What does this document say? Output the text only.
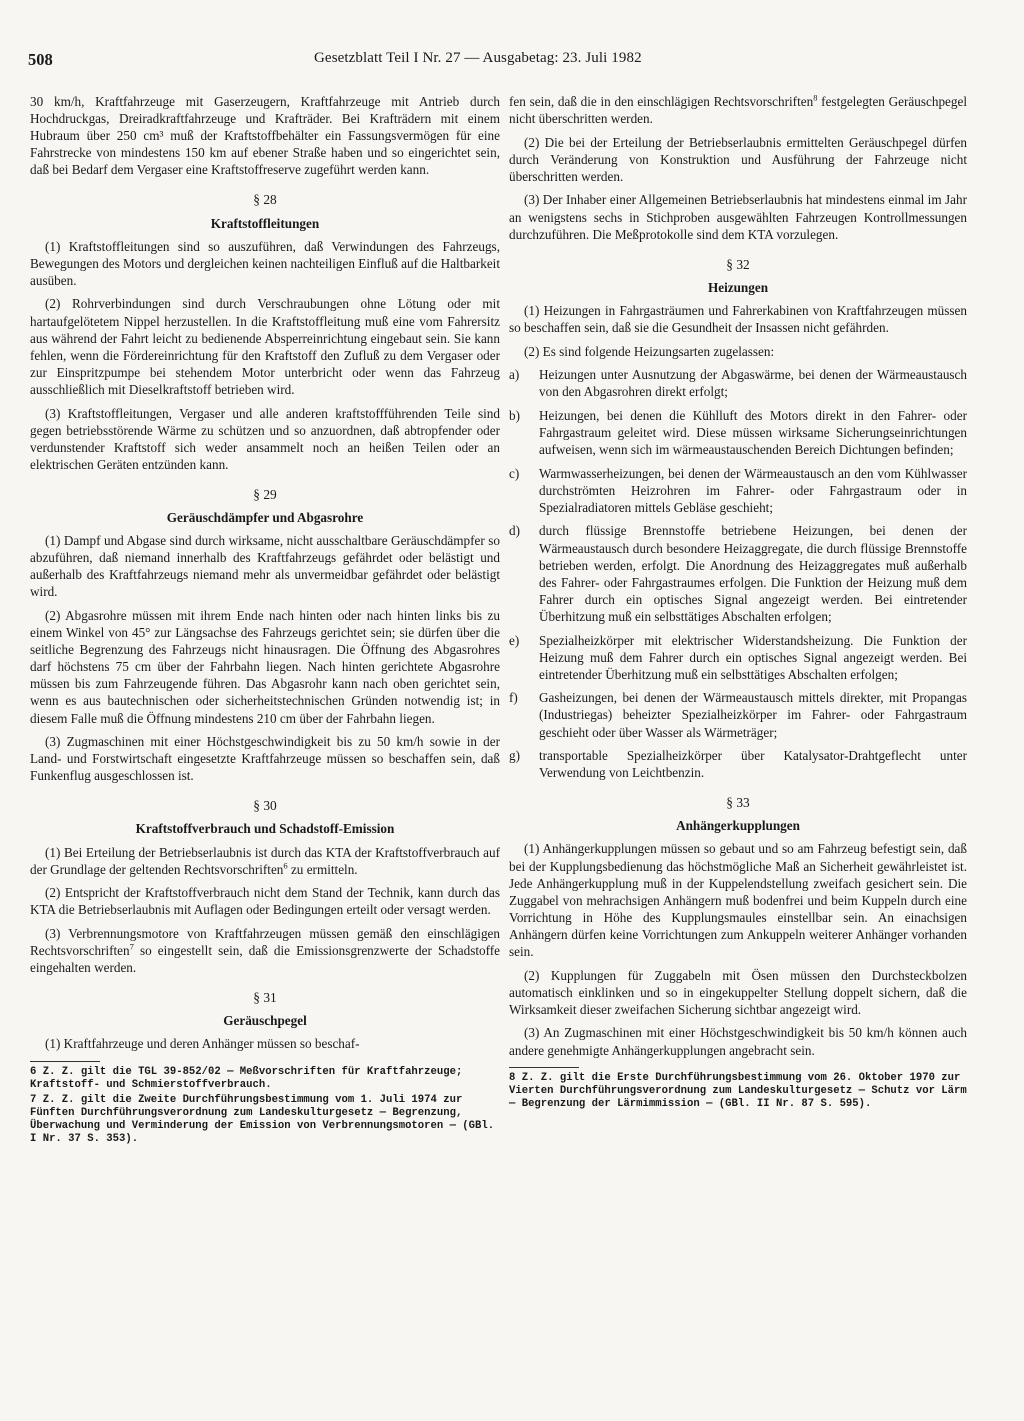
508	Gesetzblatt Teil I Nr. 27 — Ausgabetag: 23. Juli 1982

30 km/h, Kraftfahrzeuge mit Gaserzeugern, Kraftfahrzeuge mit Antrieb durch Hochdruckgas, Dreiradkraftfahrzeuge und Krafträder. Bei Krafträdern mit einem Hubraum über 250 cm³ muß der Kraftstoffbehälter ein Fassungsvermögen für eine Fahrstrecke von mindestens 150 km auf ebener Straße haben und so eingerichtet sein, daß bei Bedarf dem Vergaser eine Kraftstoffreserve zugeführt werden kann.

§ 28
Kraftstoffleitungen

(1) Kraftstoffleitungen sind so auszuführen, daß Verwindungen des Fahrzeugs, Bewegungen des Motors und dergleichen keinen nachteiligen Einfluß auf die Haltbarkeit ausüben.

(2) Rohrverbindungen sind durch Verschraubungen ohne Lötung oder mit hartaufgelötetem Nippel herzustellen. In die Kraftstoffleitung muß eine vom Fahrersitz aus während der Fahrt leicht zu bedienende Absperreinrichtung eingebaut sein. Sie kann fehlen, wenn die Fördereinrichtung für den Kraftstoff den Zufluß zu dem Vergaser oder zur Einspritzpumpe bei stehendem Motor unterbricht oder wenn das Fahrzeug ausschließlich mit Dieselkraftstoff betrieben wird.

(3) Kraftstoffleitungen, Vergaser und alle anderen kraftstoffführenden Teile sind gegen betriebsstörende Wärme zu schützen und so anzuordnen, daß abtropfender oder verdunstender Kraftstoff sich weder ansammelt noch an heißen Teilen oder an elektrischen Geräten entzünden kann.

§ 29
Geräuschdämpfer und Abgasrohre

(1) Dampf und Abgase sind durch wirksame, nicht ausschaltbare Geräuschdämpfer so abzuführen, daß niemand innerhalb des Kraftfahrzeugs gefährdet oder belästigt und außerhalb des Kraftfahrzeugs niemand mehr als unvermeidbar gefährdet oder belästigt wird.

(2) Abgasrohre müssen mit ihrem Ende nach hinten oder nach hinten links bis zu einem Winkel von 45° zur Längsachse des Fahrzeugs gerichtet sein; sie dürfen über die seitliche Begrenzung des Fahrzeugs nicht hinausragen. Die Öffnung des Abgasrohres darf höchstens 75 cm über der Fahrbahn liegen. Nach hinten gerichtete Abgasrohre müssen bis zum Fahrzeugende führen. Das Abgasrohr kann nach oben gerichtet sein, wenn es aus bautechnischen oder sicherheitstechnischen Gründen notwendig ist; in diesem Falle muß die Öffnung mindestens 210 cm über der Fahrbahn liegen.

(3) Zugmaschinen mit einer Höchstgeschwindigkeit bis zu 50 km/h sowie in der Land- und Forstwirtschaft eingesetzte Kraftfahrzeuge müssen so beschaffen sein, daß Funkenflug ausgeschlossen ist.

§ 30
Kraftstoffverbrauch und Schadstoff-Emission

(1) Bei Erteilung der Betriebserlaubnis ist durch das KTA der Kraftstoffverbrauch auf der Grundlage der geltenden Rechtsvorschriften$^6$ zu ermitteln.

(2) Entspricht der Kraftstoffverbrauch nicht dem Stand der Technik, kann durch das KTA die Betriebserlaubnis mit Auflagen oder Bedingungen erteilt oder versagt werden.

(3) Verbrennungsmotore von Kraftfahrzeugen müssen gemäß den einschlägigen Rechtsvorschriften$^7$ so eingestellt sein, daß die Emissionsgrenzwerte der Schadstoffe eingehalten werden.

§ 31
Geräuschpegel

(1) Kraftfahrzeuge und deren Anhänger müssen so beschaf-

6 Z. Z. gilt die TGL 39-852/02 — Meßvorschriften für Kraftfahrzeuge; Kraftstoff- und Schmierstoffverbrauch.

7 Z. Z. gilt die Zweite Durchführungsbestimmung vom 1. Juli 1974 zur Fünften Durchführungsverordnung zum Landeskulturgesetz — Begrenzung, Überwachung und Verminderung der Emission von Verbrennungsmotoren — (GBl. I Nr. 37 S. 353).

fen sein, daß die in den einschlägigen Rechtsvorschriften$^8$ festgelegten Geräuschpegel nicht überschritten werden.

(2) Die bei der Erteilung der Betriebserlaubnis ermittelten Geräuschpegel dürfen durch Veränderung von Konstruktion und Ausführung der Fahrzeuge nicht überschritten werden.

(3) Der Inhaber einer Allgemeinen Betriebserlaubnis hat mindestens einmal im Jahr an wenigstens sechs in Stichproben ausgewählten Fahrzeugen Kontrollmessungen durchzuführen. Die Meßprotokolle sind dem KTA vorzulegen.

§ 32
Heizungen

(1) Heizungen in Fahrgasträumen und Fahrerkabinen von Kraftfahrzeugen müssen so beschaffen sein, daß sie die Gesundheit der Insassen nicht gefährden.

(2) Es sind folgende Heizungsarten zugelassen:

a)	Heizungen unter Ausnutzung der Abgaswärme, bei denen der Wärmeaustausch von den Abgasrohren direkt erfolgt;
b)	Heizungen, bei denen die Kühlluft des Motors direkt in den Fahrer- oder Fahrgastraum geleitet wird. Diese müssen wirksame Sicherungseinrichtungen aufweisen, wenn sich im wärmeaustauschenden Bereich Dichtungen befinden;
c)	Warmwasserheizungen, bei denen der Wärmeaustausch an den vom Kühlwasser durchströmten Heizrohren im Fahrer- oder Fahrgastraum oder in Spezialradiatoren mittels Gebläse geschieht;
d)	durch flüssige Brennstoffe betriebene Heizungen, bei denen der Wärmeaustausch durch besondere Heizaggregate, die durch flüssige Brennstoffe betrieben werden, erfolgt. Die Anordnung des Heizaggregates muß außerhalb des Fahrer- oder Fahrgastraumes erfolgen. Die Funktion der Heizung muß dem Fahrer durch ein optisches Signal angezeigt werden. Bei eintretender Überhitzung muß ein selbsttätiges Abschalten erfolgen;
e)	Spezialheizkörper mit elektrischer Widerstandsheizung. Die Funktion der Heizung muß dem Fahrer durch ein optisches Signal angezeigt werden. Bei eintretender Überhitzung muß ein selbsttätiges Abschalten erfolgen;
f)	Gasheizungen, bei denen der Wärmeaustausch mittels direkter, mit Propangas (Industriegas) beheizter Spezialheizkörper im Fahrer- oder Fahrgastraum geschieht oder über Wasser als Wärmeträger;
g)	transportable Spezialheizkörper über Katalysator-Drahtgeflecht unter Verwendung von Leichtbenzin.
§ 33
Anhängerkupplungen

(1) Anhängerkupplungen müssen so gebaut und so am Fahrzeug befestigt sein, daß bei der Kupplungsbedienung das höchstmögliche Maß an Sicherheit gewährleistet ist. Jede Anhängerkupplung muß in der Kuppelendstellung zweifach gesichert sein. Die Zuggabel von mehrachsigen Anhängern muß bodenfrei und beim Kuppeln durch eine Vorrichtung in Höhe des Kupplungsmaules einstellbar sein. An einachsigen Anhängern dürfen keine Vorrichtungen zum Ankuppeln weiterer Anhänger vorhanden sein.

(2) Kupplungen für Zuggabeln mit Ösen müssen den Durchsteckbolzen automatisch einklinken und so in eingekuppelter Stellung doppelt sichern, daß die Wirksamkeit dieser zweifachen Sicherung sichtbar angezeigt wird.

(3) An Zugmaschinen mit einer Höchstgeschwindigkeit bis 50 km/h können auch andere genehmigte Anhängerkupplungen angebracht sein.

8 Z. Z. gilt die Erste Durchführungsbestimmung vom 26. Oktober 1970 zur Vierten Durchführungsverordnung zum Landeskulturgesetz — Schutz vor Lärm — Begrenzung der Lärmimmission — (GBl. II Nr. 87 S. 595).
